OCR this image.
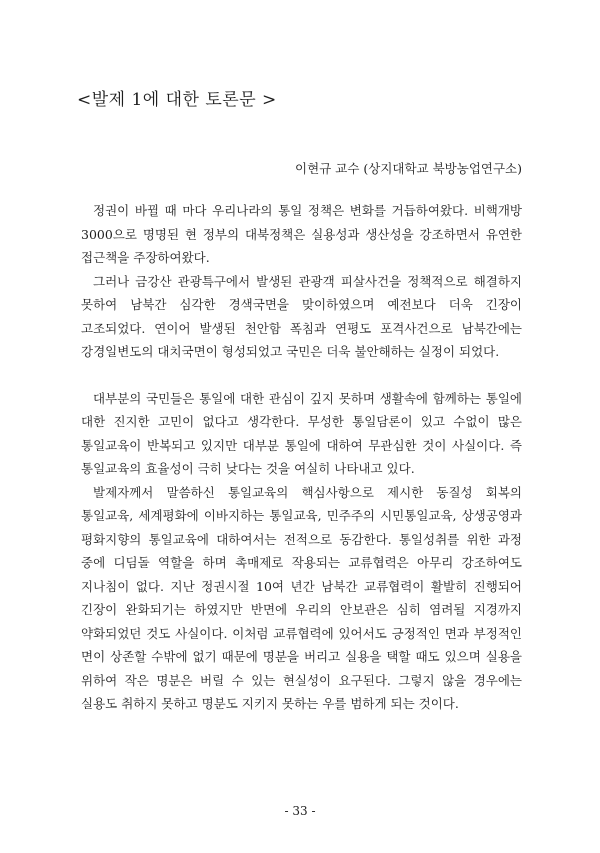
<발제 1에 대한 토론문 >
이현규 교수 (상지대학교 북방농업연구소)

정권이 바뀔 때 마다 우리나라의 통일 정책은 변화를 거듭하여왔다. 비핵개방 3000으로 명명된 현 정부의 대북정책은 실용성과 생산성을 강조하면서 유연한 접근책을 주장하여왔다.

그러나 금강산 관광특구에서 발생된 관광객 피살사건을 정책적으로 해결하지 못하여 남북간 심각한 경색국면을 맞이하였으며 예전보다 더욱 긴장이 고조되었다. 연이어 발생된 천안함 폭침과 연평도 포격사건으로 남북간에는 강경일변도의 대치국면이 형성되었고 국민은 더욱 불안해하는 실정이 되었다.

대부분의 국민들은 통일에 대한 관심이 깊지 못하며 생활속에 함께하는 통일에 대한 진지한 고민이 없다고 생각한다. 무성한 통일담론이 있고 수없이 많은 통일교육이 반복되고 있지만 대부분 통일에 대하여 무관심한 것이 사실이다. 즉 통일교육의 효율성이 극히 낮다는 것을 여실히 나타내고 있다.

발제자께서 말씀하신 통일교육의 핵심사항으로 제시한 동질성 회복의 통일교육, 세계평화에 이바지하는 통일교육, 민주주의 시민통일교육, 상생공영과 평화지향의 통일교육에 대하여서는 전적으로 동감한다. 통일성취를 위한 과정 중에 디딤돌 역할을 하며 촉매제로 작용되는 교류협력은 아무리 강조하여도 지나침이 없다. 지난 정권시절 10여 년간 남북간 교류협력이 활발히 진행되어 긴장이 완화되기는 하였지만 반면에 우리의 안보관은 심히 염려될 지경까지 약화되었던 것도 사실이다. 이처럼 교류협력에 있어서도 긍정적인 면과 부정적인 면이 상존할 수밖에 없기 때문에 명분을 버리고 실용을 택할 때도 있으며 실용을 위하여 작은 명분은 버릴 수 있는 현실성이 요구된다. 그렇지 않을 경우에는 실용도 취하지 못하고 명분도 지키지 못하는 우를 범하게 되는 것이다.

- 33 -
